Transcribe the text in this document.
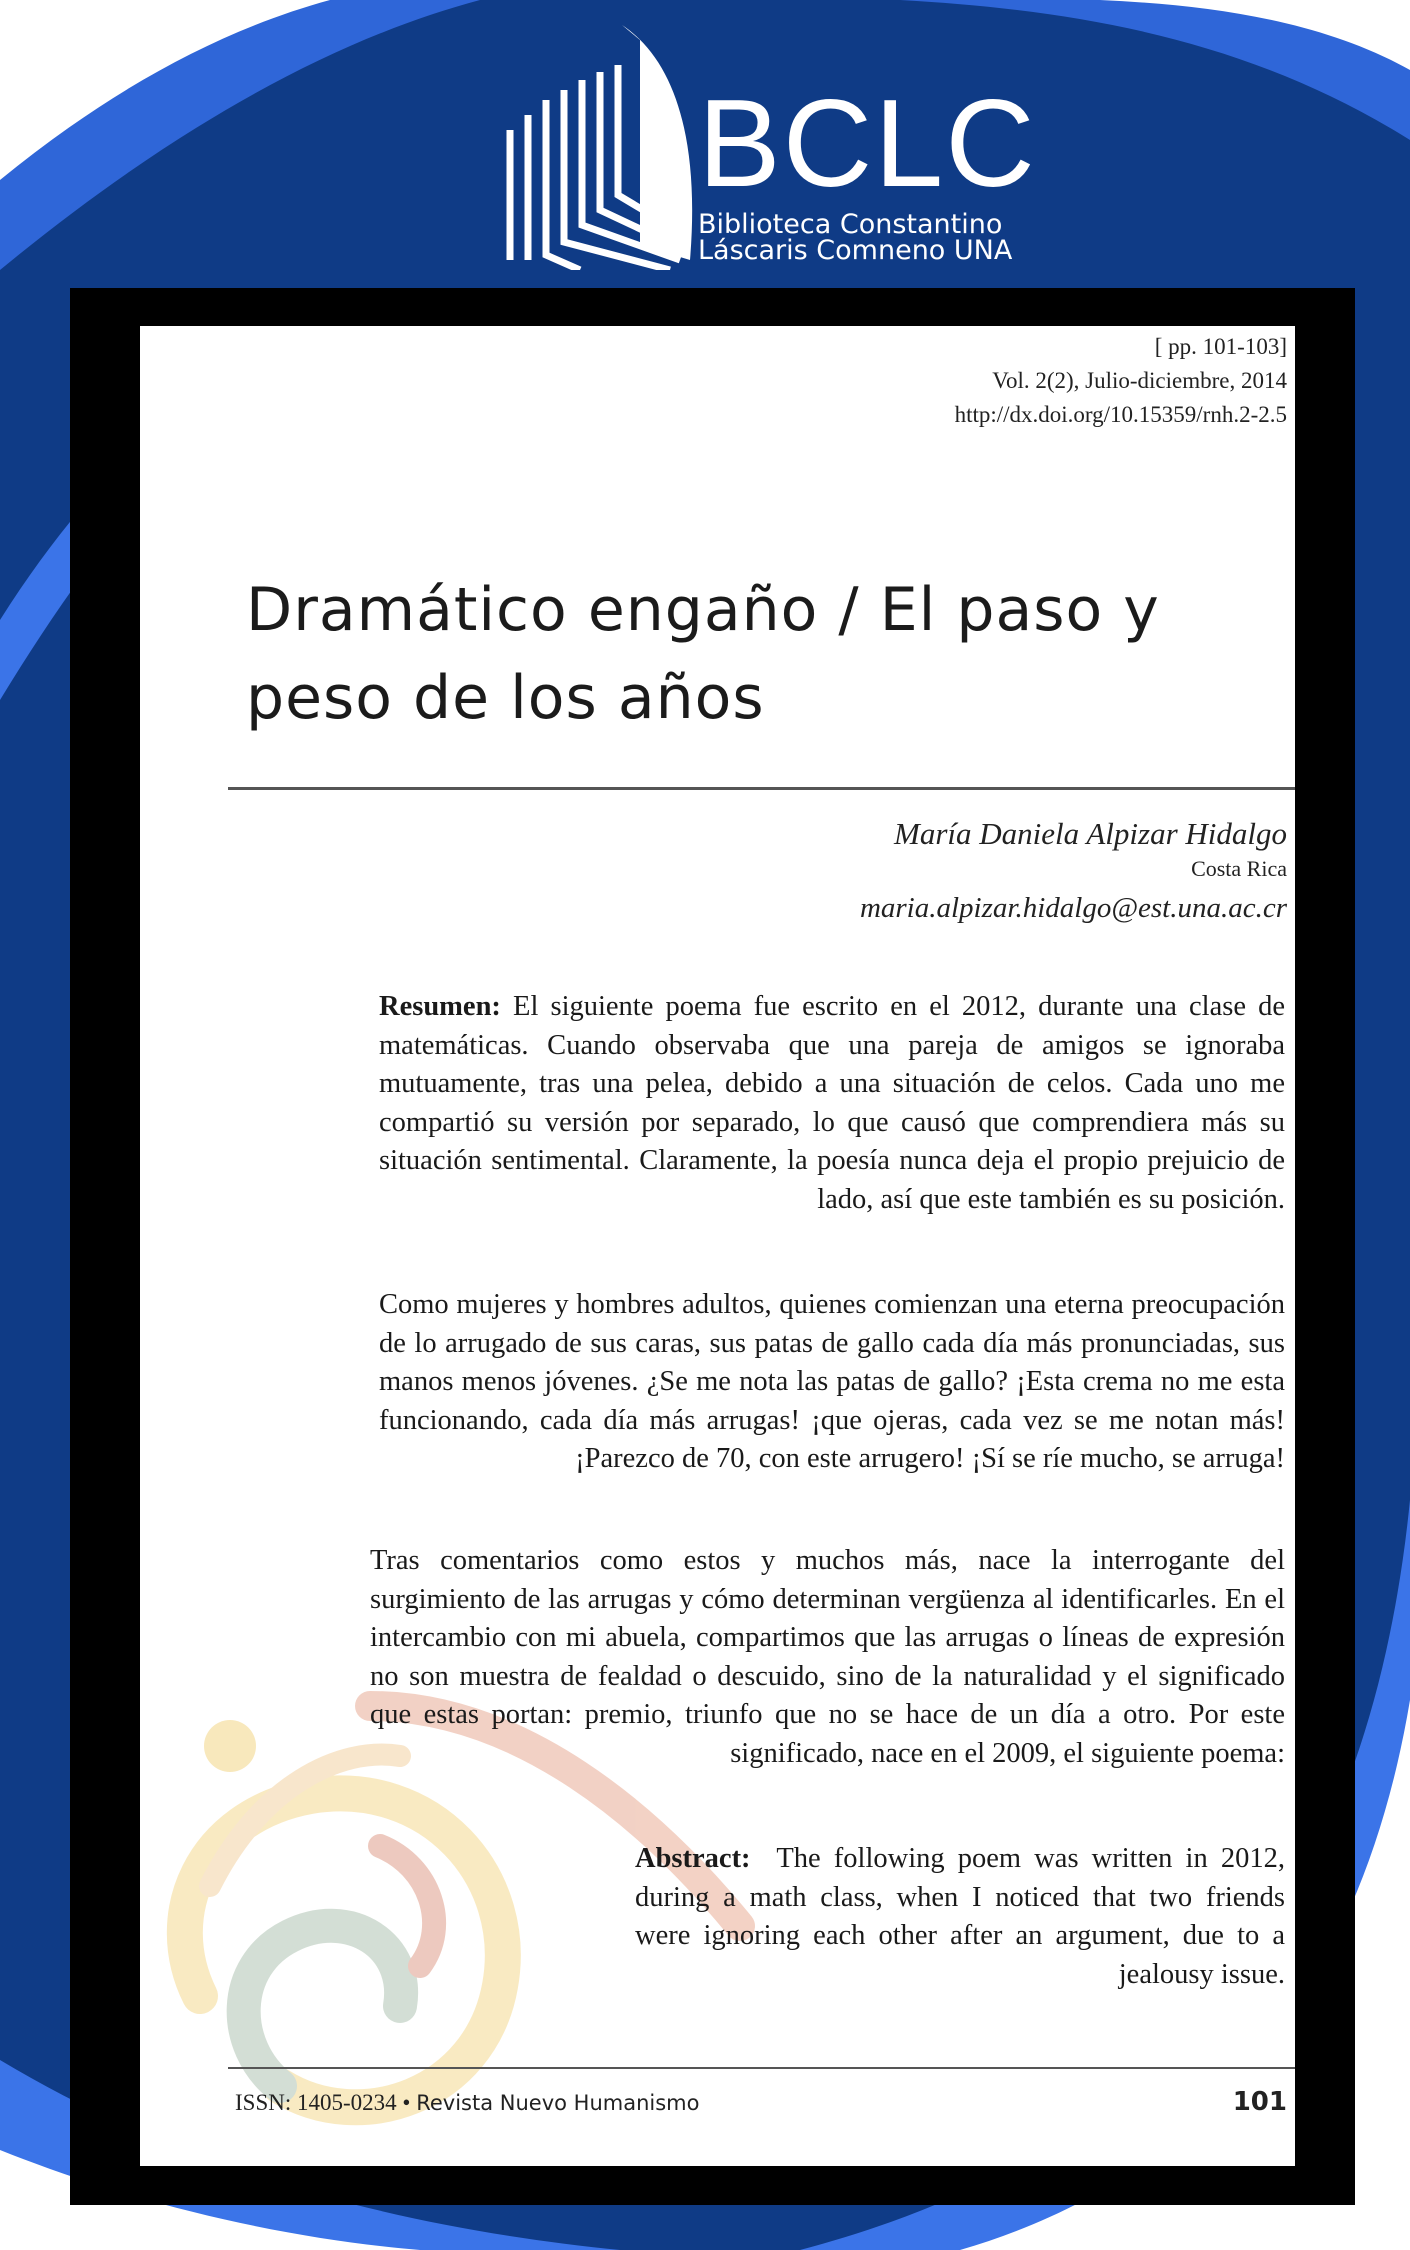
BCLC
Biblioteca Constantino
Láscaris Comneno UNA
[ pp. 101-103]
Vol. 2(2), Julio-diciembre, 2014
http://dx.doi.org/10.15359/rnh.2-2.5
Dramático engaño / El paso y
peso de los años
María Daniela Alpizar Hidalgo
Costa Rica
maria.alpizar.hidalgo@est.una.ac.cr

Resumen: El siguiente poema fue escrito en el 2012, durante una clase de matemáticas. Cuando observaba que una pareja de amigos se ignoraba mutuamente, tras una pelea, debido a una situación de celos. Cada uno me compartió su versión por separado, lo que causó que comprendiera más su situación sentimental. Claramente, la poesía nunca deja el propio prejuicio de lado, así que este también es su posición.

Como mujeres y hombres adultos, quienes comienzan una eterna preocupación de lo arrugado de sus caras, sus patas de gallo cada día más pronunciadas, sus manos menos jóvenes. ¿Se me nota las patas de gallo? ¡Esta crema no me esta funcionando, cada día más arrugas! ¡que ojeras, cada vez se me notan más! ¡Parezco de 70, con este arrugero! ¡Sí se ríe mucho, se arruga!

Tras comentarios como estos y muchos más, nace la interrogante del surgimiento de las arrugas y cómo determinan vergüenza al identificarles. En el intercambio con mi abuela, compartimos que las arrugas o líneas de expresión no son muestra de fealdad o descuido, sino de la naturalidad y el significado que estas portan: premio, triunfo que no se hace de un día a otro. Por este significado, nace en el 2009, el siguiente poema:

Abstract: The following poem was written in 2012, during a math class, when I noticed that two friends were ignoring each other after an argument, due to a jealousy issue.

ISSN: 1405-0234 • Revista Nuevo Humanismo	101
